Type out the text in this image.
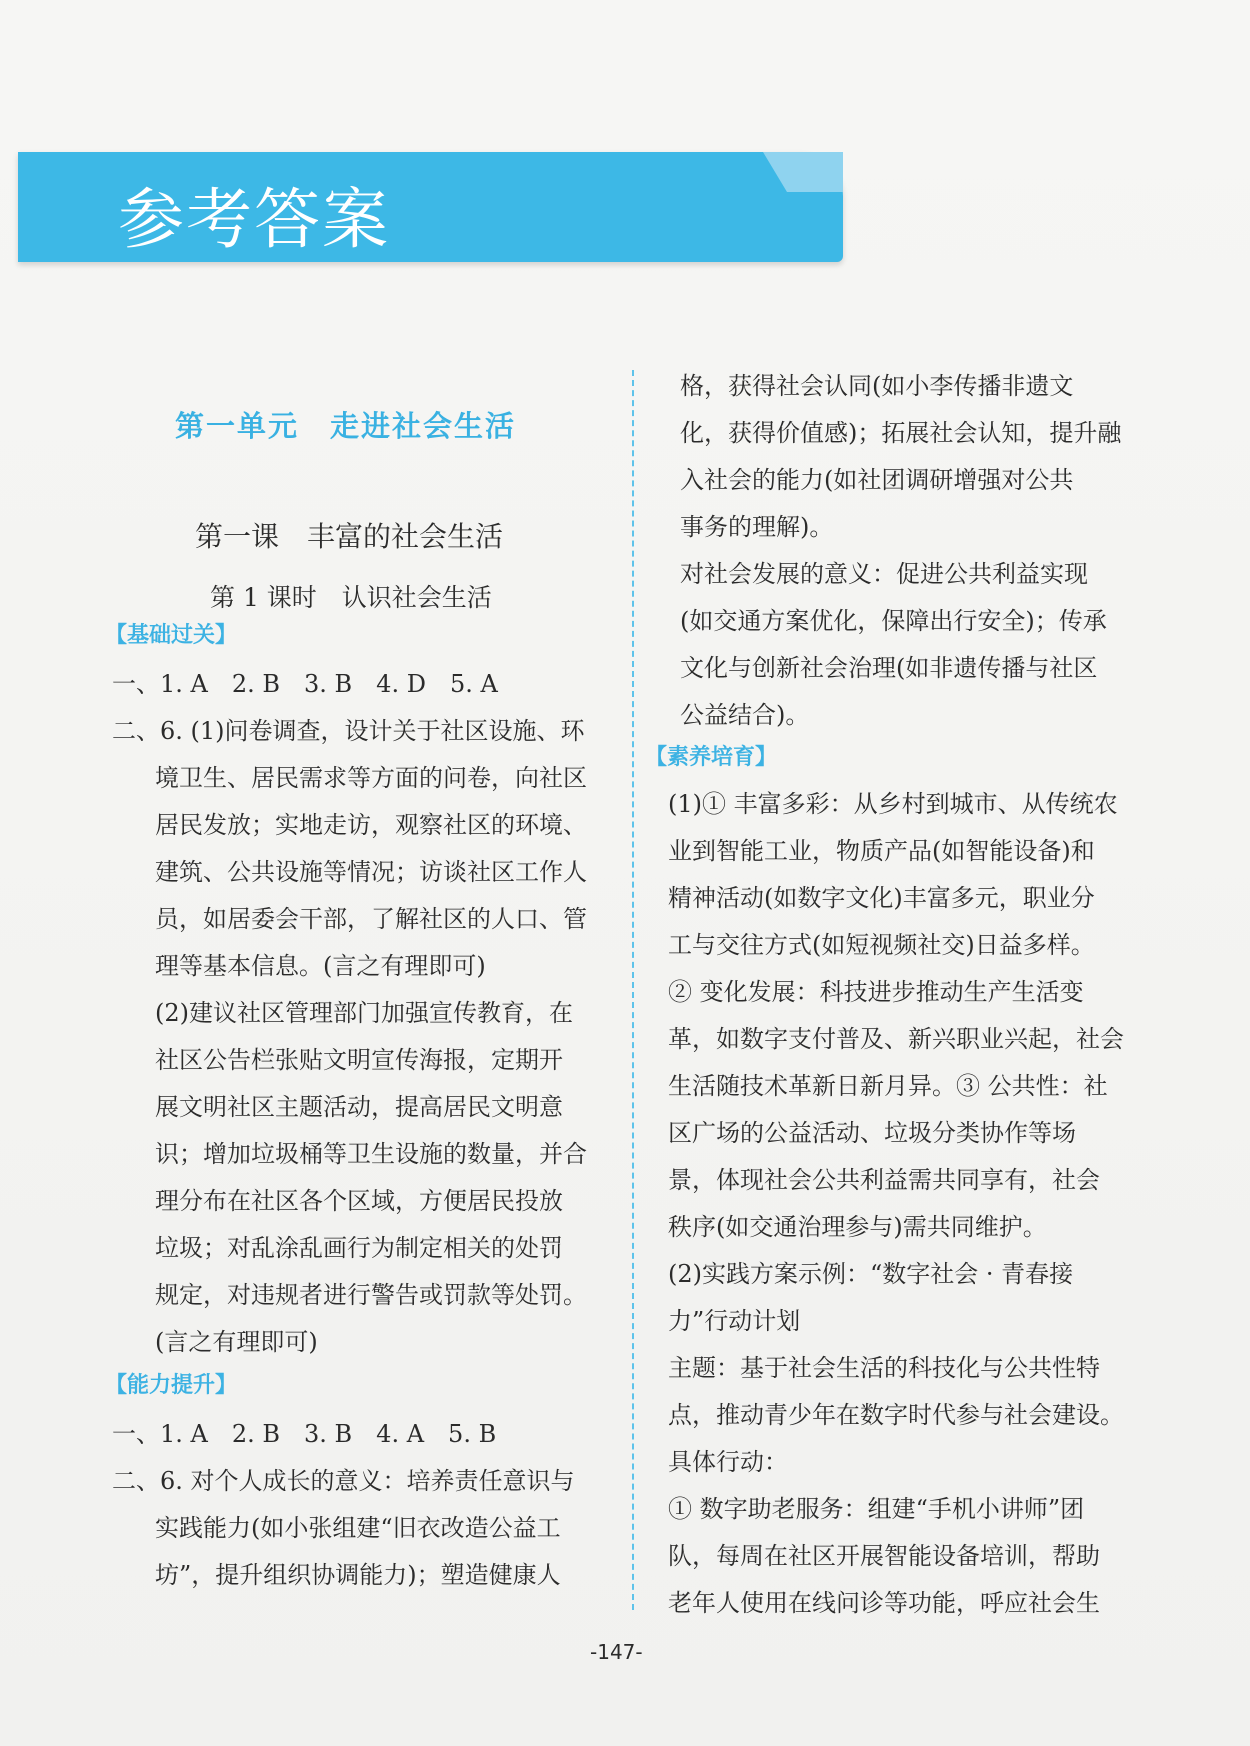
参考答案
第一单元　走进社会生活
第一课　丰富的社会生活
第 1 课时　认识社会生活
【基础过关】
一、1. A　2. B　3. B　4. D　5. A
二、6. (1)问卷调查，设计关于社区设施、环
境卫生、居民需求等方面的问卷，向社区
居民发放；实地走访，观察社区的环境、
建筑、公共设施等情况；访谈社区工作人
员，如居委会干部，了解社区的人口、管
理等基本信息。(言之有理即可)
(2)建议社区管理部门加强宣传教育，在
社区公告栏张贴文明宣传海报，定期开
展文明社区主题活动，提高居民文明意
识；增加垃圾桶等卫生设施的数量，并合
理分布在社区各个区域，方便居民投放
垃圾；对乱涂乱画行为制定相关的处罚
规定，对违规者进行警告或罚款等处罚。
(言之有理即可)
【能力提升】
一、1. A　2. B　3. B　4. A　5. B
二、6. 对个人成长的意义：培养责任意识与
实践能力(如小张组建“旧衣改造公益工
坊”，提升组织协调能力)；塑造健康人
格，获得社会认同(如小李传播非遗文
化，获得价值感)；拓展社会认知，提升融
入社会的能力(如社团调研增强对公共
事务的理解)。
对社会发展的意义：促进公共利益实现
(如交通方案优化，保障出行安全)；传承
文化与创新社会治理(如非遗传播与社区
公益结合)。
【素养培育】
(1)① 丰富多彩：从乡村到城市、从传统农
业到智能工业，物质产品(如智能设备)和
精神活动(如数字文化)丰富多元，职业分
工与交往方式(如短视频社交)日益多样。
② 变化发展：科技进步推动生产生活变
革，如数字支付普及、新兴职业兴起，社会
生活随技术革新日新月异。③ 公共性：社
区广场的公益活动、垃圾分类协作等场
景，体现社会公共利益需共同享有，社会
秩序(如交通治理参与)需共同维护。
(2)实践方案示例：“数字社会 · 青春接
力”行动计划
主题：基于社会生活的科技化与公共性特
点，推动青少年在数字时代参与社会建设。
具体行动：
① 数字助老服务：组建“手机小讲师”团
队，每周在社区开展智能设备培训，帮助
老年人使用在线问诊等功能，呼应社会生
-147-
